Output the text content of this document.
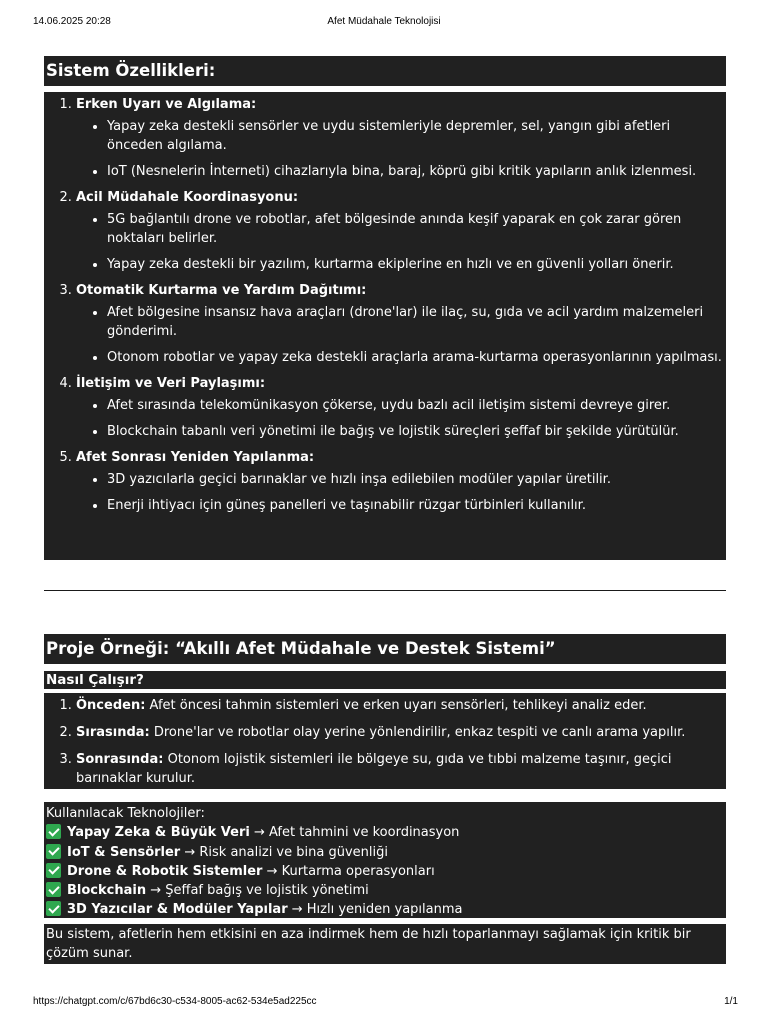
14.06.2025 20:28	Afet Müdahale Teknolojisi
Sistem Özellikleri:
1. Erken Uyarı ve Algılama:
• Yapay zeka destekli sensörler ve uydu sistemleriyle depremler, sel, yangın gibi afetleri önceden algılama.
• IoT (Nesnelerin İnterneti) cihazlarıyla bina, baraj, köprü gibi kritik yapıların anlık izlenmesi.
2. Acil Müdahale Koordinasyonu:
• 5G bağlantılı drone ve robotlar, afet bölgesinde anında keşif yaparak en çok zarar gören noktaları belirler.
• Yapay zeka destekli bir yazılım, kurtarma ekiplerine en hızlı ve en güvenli yolları önerir.
3. Otomatik Kurtarma ve Yardım Dağıtımı:
• Afet bölgesine insansız hava araçları (drone'lar) ile ilaç, su, gıda ve acil yardım malzemeleri gönderimi.
• Otonom robotlar ve yapay zeka destekli araçlarla arama-kurtarma operasyonlarının yapılması.
4. İletişim ve Veri Paylaşımı:
• Afet sırasında telekomünikasyon çökerse, uydu bazlı acil iletişim sistemi devreye girer.
• Blockchain tabanlı veri yönetimi ile bağış ve lojistik süreçleri şeffaf bir şekilde yürütülür.
5. Afet Sonrası Yeniden Yapılanma:
• 3D yazıcılarla geçici barınaklar ve hızlı inşa edilebilen modüler yapılar üretilir.
• Enerji ihtiyacı için güneş panelleri ve taşınabilir rüzgar türbinleri kullanılır.
Proje Örneği: “Akıllı Afet Müdahale ve Destek Sistemi”
Nasıl Çalışır?
1. Önceden: Afet öncesi tahmin sistemleri ve erken uyarı sensörleri, tehlikeyi analiz eder.
2. Sırasında: Drone'lar ve robotlar olay yerine yönlendirilir, enkaz tespiti ve canlı arama yapılır.
3. Sonrasında: Otonom lojistik sistemleri ile bölgeye su, gıda ve tıbbi malzeme taşınır, geçici barınaklar kurulur.
Kullanılacak Teknolojiler:
Yapay Zeka & Büyük Veri → Afet tahmini ve koordinasyon
IoT & Sensörler → Risk analizi ve bina güvenliği
Drone & Robotik Sistemler → Kurtarma operasyonları
Blockchain → Şeffaf bağış ve lojistik yönetimi
3D Yazıcılar & Modüler Yapılar → Hızlı yeniden yapılanma
Bu sistem, afetlerin hem etkisini en aza indirmek hem de hızlı toparlanmayı sağlamak için kritik bir çözüm sunar.
https://chatgpt.com/c/67bd6c30-c534-8005-ac62-534e5ad225cc	1/1
